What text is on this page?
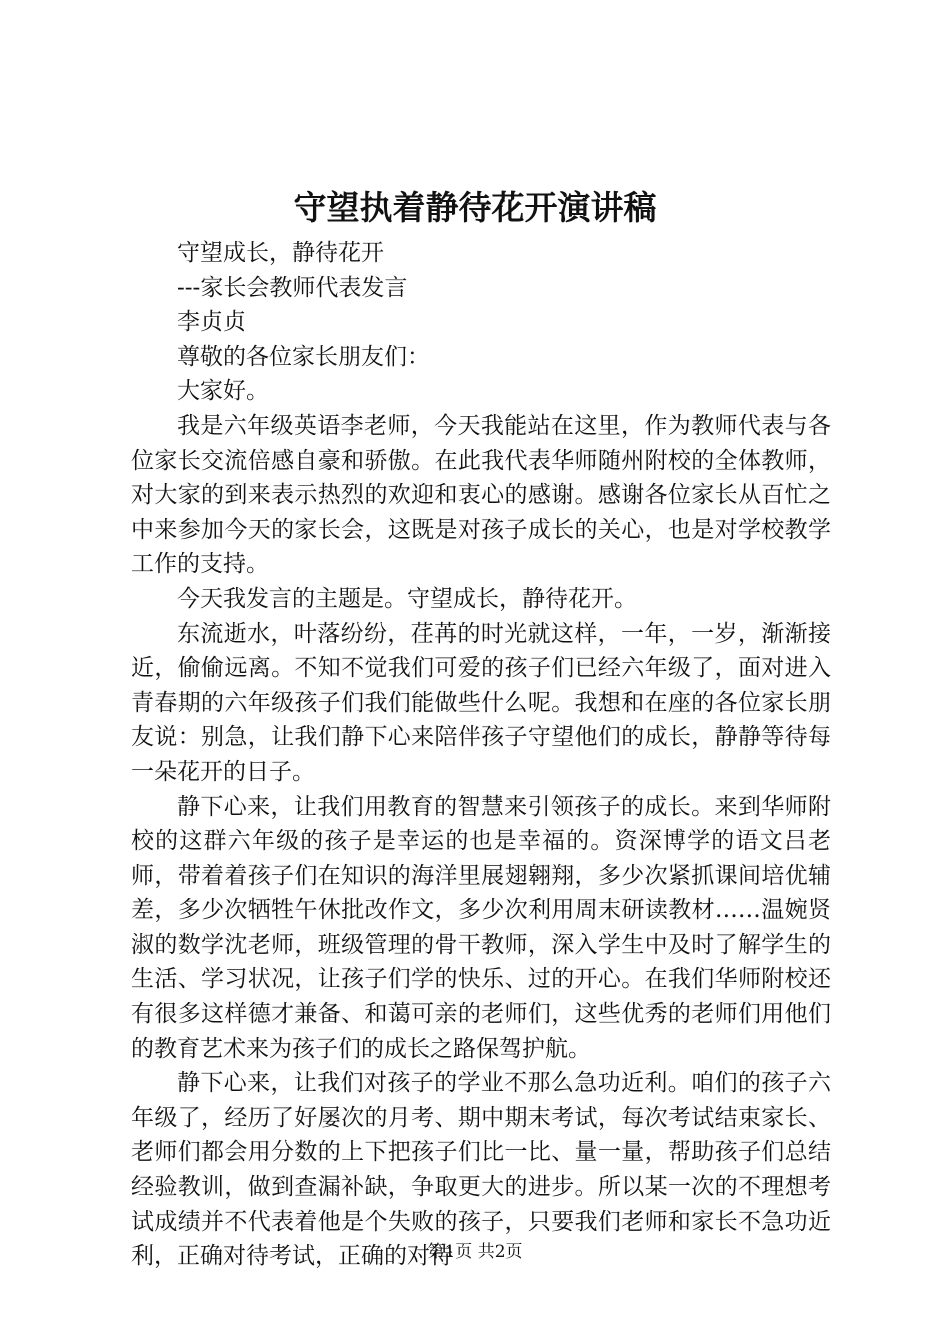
守望执着静待花开演讲稿

守望成长，静待花开

---家长会教师代表发言

李贞贞

尊敬的各位家长朋友们：

大家好。

我是六年级英语李老师，今天我能站在这里，作为教师代表与各位家长交流倍感自豪和骄傲。在此我代表华师随州附校的全体教师，对大家的到来表示热烈的欢迎和衷心的感谢。感谢各位家长从百忙之中来参加今天的家长会，这既是对孩子成长的关心，也是对学校教学工作的支持。

今天我发言的主题是。守望成长，静待花开。

东流逝水，叶落纷纷，荏苒的时光就这样，一年，一岁，渐渐接近，偷偷远离。不知不觉我们可爱的孩子们已经六年级了，面对进入青春期的六年级孩子们我们能做些什么呢。我想和在座的各位家长朋友说：别急，让我们静下心来陪伴孩子守望他们的成长，静静等待每一朵花开的日子。

静下心来，让我们用教育的智慧来引领孩子的成长。来到华师附校的这群六年级的孩子是幸运的也是幸福的。资深博学的语文吕老师，带着着孩子们在知识的海洋里展翅翱翔，多少次紧抓课间培优辅差，多少次牺牲午休批改作文，多少次利用周末研读教材……温婉贤淑的数学沈老师，班级管理的骨干教师，深入学生中及时了解学生的生活、学习状况，让孩子们学的快乐、过的开心。在我们华师附校还有很多这样德才兼备、和蔼可亲的老师们，这些优秀的老师们用他们的教育艺术来为孩子们的成长之路保驾护航。

静下心来，让我们对孩子的学业不那么急功近利。咱们的孩子六年级了，经历了好屡次的月考、期中期末考试，每次考试结束家长、老师们都会用分数的上下把孩子们比一比、量一量，帮助孩子们总结经验教训，做到查漏补缺，争取更大的进步。所以某一次的不理想考试成绩并不代表着他是个失败的孩子，只要我们老师和家长不急功近利，正确对待考试，正确的对待

第1页 共2页
